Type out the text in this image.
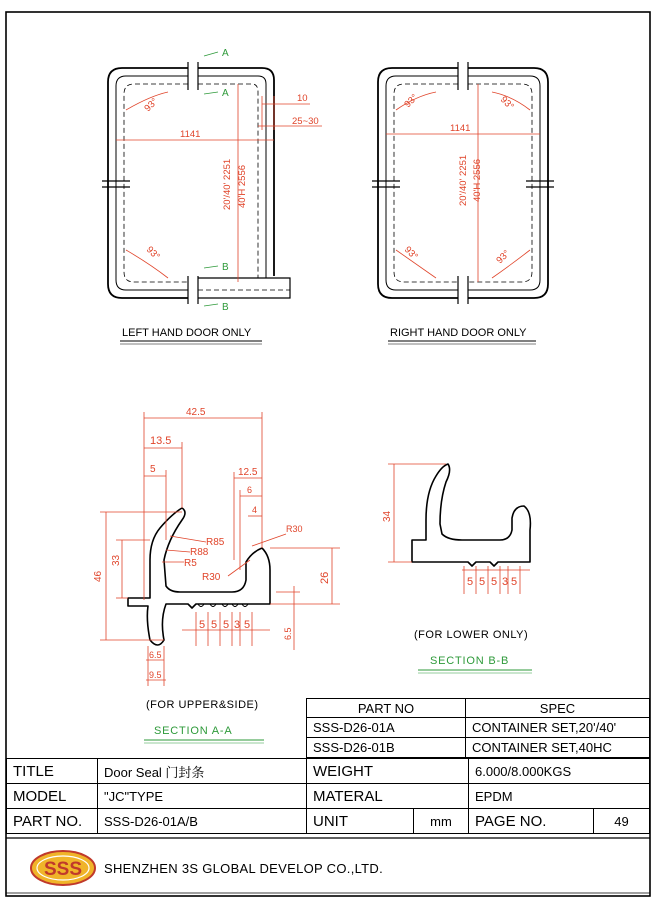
93°
93°
1141
20'/40' 2251 40'H 2556
10
25~30
A
A
B
B
LEFT HAND DOOR ONLY
93°	93°
93°	93°
1141
20'/40' 2251 40'H 2556
RIGHT HAND DOOR ONLY
42.5
13.5
5	12.5
6
4
46
33
26
6.5
6.5
9.5
R85
R88
R5
R30
R30
5 5 5 3 5
(FOR UPPER&SIDE)
SECTION A-A
34
5 5 5 3 5
(FOR LOWER ONLY)
SECTION B-B
PART NO	SPEC
SSS-D26-01A	CONTAINER SET,20'/40'
SSS-D26-01B	CONTAINER SET,40HC
TITLE	Door Seal 门封条	WEIGHT		6.000/8.000KGS	
MODEL	"JC"TYPE	MATERAL		EPDM	
PART NO.	SSS-D26-01A/B	UNIT	mm	PAGE NO.	49
SSS SHENZHEN 3S GLOBAL DEVELOP CO.,LTD.
